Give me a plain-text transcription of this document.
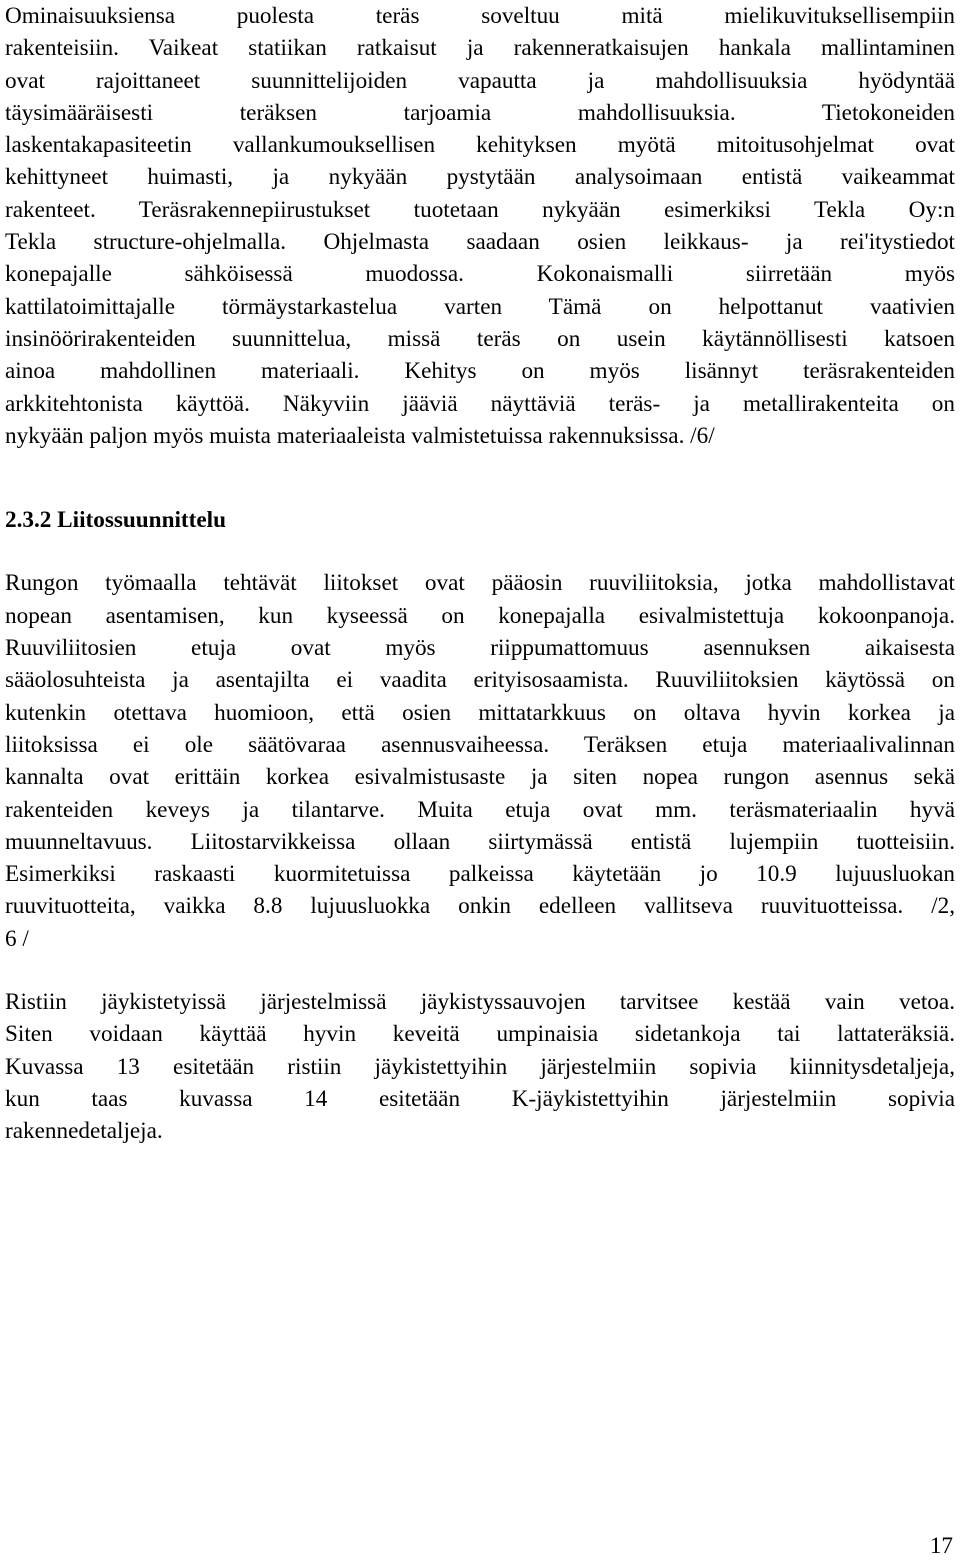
Ominaisuuksiensa puolesta teräs soveltuu mitä mielikuvituksellisempiin
rakenteisiin. Vaikeat statiikan ratkaisut ja rakenneratkaisujen hankala mallintaminen
ovat rajoittaneet suunnittelijoiden vapautta ja mahdollisuuksia hyödyntää
täysimääräisesti teräksen tarjoamia mahdollisuuksia. Tietokoneiden
laskentakapasiteetin vallankumouksellisen kehityksen myötä mitoitusohjelmat ovat
kehittyneet huimasti, ja nykyään pystytään analysoimaan entistä vaikeammat
rakenteet. Teräsrakennepiirustukset tuotetaan nykyään esimerkiksi Tekla Oy:n
Tekla structure-ohjelmalla. Ohjelmasta saadaan osien leikkaus- ja rei'itystiedot
konepajalle sähköisessä muodossa. Kokonaismalli siirretään myös
kattilatoimittajalle törmäystarkastelua varten Tämä on helpottanut vaativien
insinöörirakenteiden suunnittelua, missä teräs on usein käytännöllisesti katsoen
ainoa mahdollinen materiaali. Kehitys on myös lisännyt teräsrakenteiden
arkkitehtonista käyttöä. Näkyviin jääviä näyttäviä teräs- ja metallirakenteita on
nykyään paljon myös muista materiaaleista valmistetuissa rakennuksissa. /6/

2.3.2 Liitossuunnittelu

Rungon työmaalla tehtävät liitokset ovat pääosin ruuviliitoksia, jotka mahdollistavat
nopean asentamisen, kun kyseessä on konepajalla esivalmistettuja kokoonpanoja.
Ruuviliitosien etuja ovat myös riippumattomuus asennuksen aikaisesta
sääolosuhteista ja asentajilta ei vaadita erityisosaamista. Ruuviliitoksien käytössä on
kutenkin otettava huomioon, että osien mittatarkkuus on oltava hyvin korkea ja
liitoksissa ei ole säätövaraa asennusvaiheessa. Teräksen etuja materiaalivalinnan
kannalta ovat erittäin korkea esivalmistusaste ja siten nopea rungon asennus sekä
rakenteiden keveys ja tilantarve. Muita etuja ovat mm. teräsmateriaalin hyvä
muunneltavuus. Liitostarvikkeissa ollaan siirtymässä entistä lujempiin tuotteisiin.
Esimerkiksi raskaasti kuormitetuissa palkeissa käytetään jo 10.9 lujuusluokan
ruuvituotteita, vaikka 8.8 lujuusluokka onkin edelleen vallitseva ruuvituotteissa. /2,
6 /

Ristiin jäykistetyissä järjestelmissä jäykistyssauvojen tarvitsee kestää vain vetoa.
Siten voidaan käyttää hyvin keveitä umpinaisia sidetankoja tai lattateräksiä.
Kuvassa 13 esitetään ristiin jäykistettyihin järjestelmiin sopivia kiinnitysdetaljeja,
kun taas kuvassa 14 esitetään K-jäykistettyihin järjestelmiin sopivia
rakennedetaljeja.

17
